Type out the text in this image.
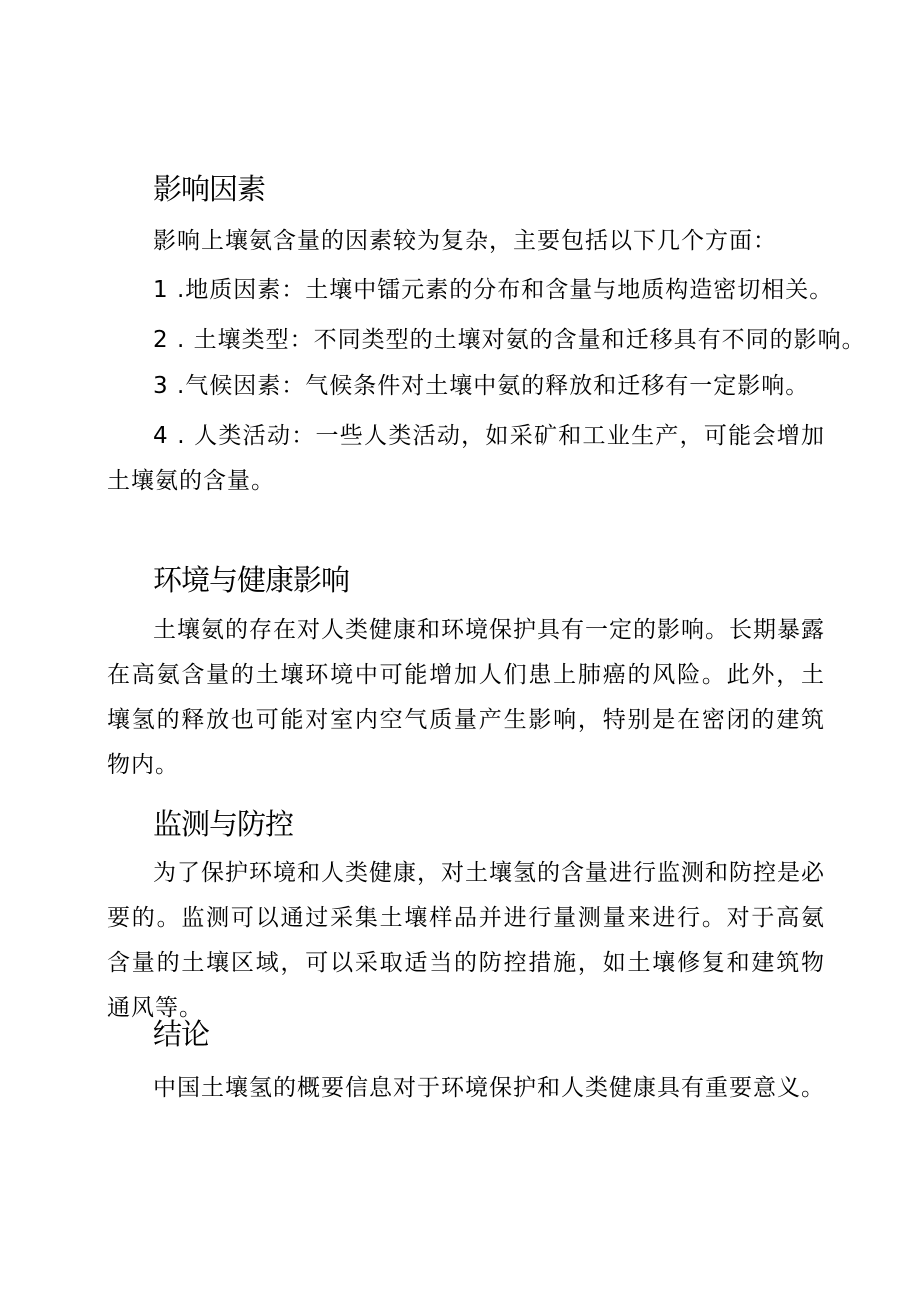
影响因素

影响上壤氨含量的因素较为复杂，主要包括以下几个方面：

1 .地质因素：土壤中镭元素的分布和含量与地质构造密切相关。

2 . 土壤类型：不同类型的土壤对氨的含量和迁移具有不同的影响。

3 .气候因素：气候条件对土壤中氨的释放和迁移有一定影响。

4 . 人类活动：一些人类活动，如采矿和工业生产，可能会增加土壤氨的含量。

环境与健康影响

土壤氨的存在对人类健康和环境保护具有一定的影响。长期暴露在高氨含量的土壤环境中可能增加人们患上肺癌的风险。此外，土壤氢的释放也可能对室内空气质量产生影响，特别是在密闭的建筑物内。

监测与防控

为了保护环境和人类健康，对土壤氢的含量进行监测和防控是必要的。监测可以通过采集土壤样品并进行量测量来进行。对于高氨含量的土壤区域，可以采取适当的防控措施，如土壤修复和建筑物通风等。

结论

中国土壤氢的概要信息对于环境保护和人类健康具有重要意义。
